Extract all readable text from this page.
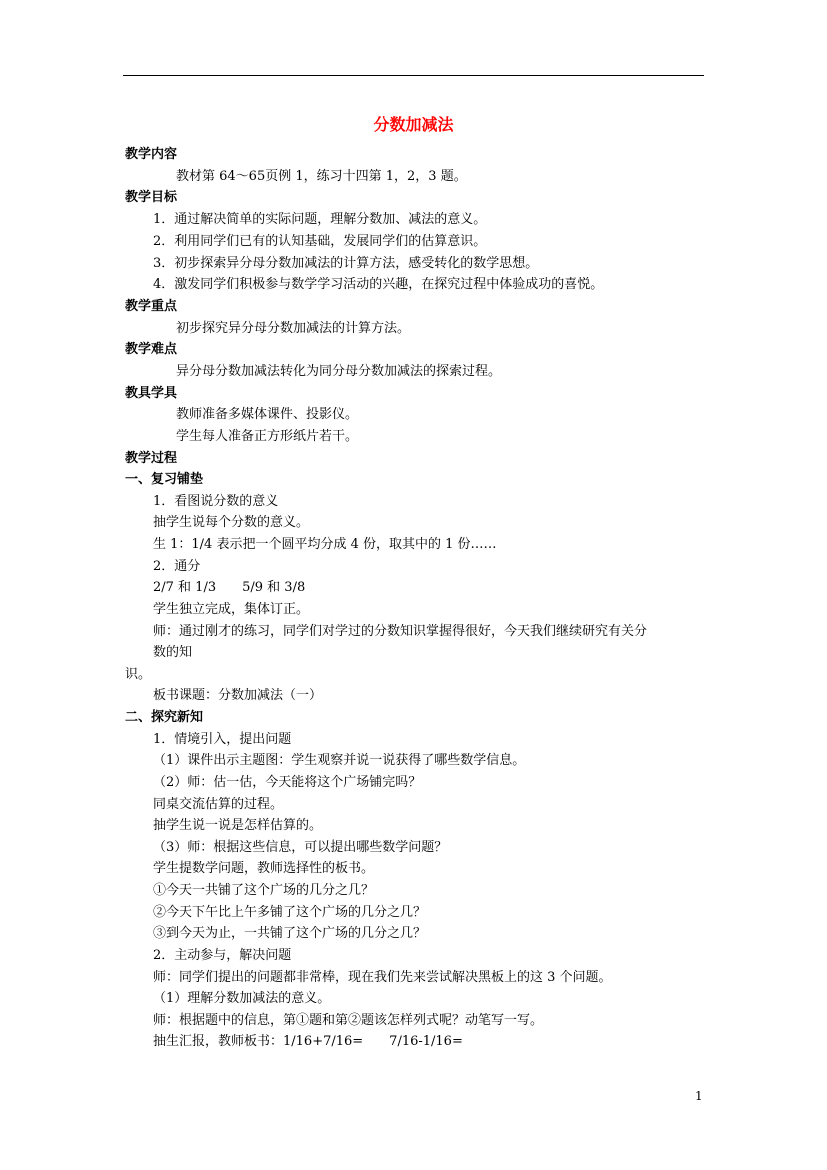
分数加减法
教学内容
教材第 64～65页例 1，练习十四第 1，2，3 题。
教学目标
1．通过解决简单的实际问题，理解分数加、减法的意义。
2．利用同学们已有的认知基础，发展同学们的估算意识。
3．初步探索异分母分数加减法的计算方法，感受转化的数学思想。
4．激发同学们积极参与数学学习活动的兴趣，在探究过程中体验成功的喜悦。
教学重点
初步探究异分母分数加减法的计算方法。
教学难点
异分母分数加减法转化为同分母分数加减法的探索过程。
教具学具
教师准备多媒体课件、投影仪。
学生每人准备正方形纸片若干。
教学过程
一、复习铺垫
1．看图说分数的意义
抽学生说每个分数的意义。
生 1：1/4 表示把一个圆平均分成 4 份，取其中的 1 份……
2．通分
2/7 和 1/3　　5/9 和 3/8
学生独立完成，集体订正。
师：通过刚才的练习，同学们对学过的分数知识掌握得很好，今天我们继续研究有关分
数的知
识。
板书课题：分数加减法（一）
二、探究新知
1．情境引入，提出问题
（1）课件出示主题图：学生观察并说一说获得了哪些数学信息。
（2）师：估一估，今天能将这个广场铺完吗？
同桌交流估算的过程。
抽学生说一说是怎样估算的。
（3）师：根据这些信息，可以提出哪些数学问题？
学生提数学问题，教师选择性的板书。
①今天一共铺了这个广场的几分之几？
②今天下午比上午多铺了这个广场的几分之几？
③到今天为止，一共铺了这个广场的几分之几？
2．主动参与，解决问题
师：同学们提出的问题都非常棒，现在我们先来尝试解决黑板上的这 3 个问题。
（1）理解分数加减法的意义。
师：根据题中的信息，第①题和第②题该怎样列式呢？动笔写一写。
抽生汇报，教师板书：1/16+7/16=　　7/16-1/16=
1
